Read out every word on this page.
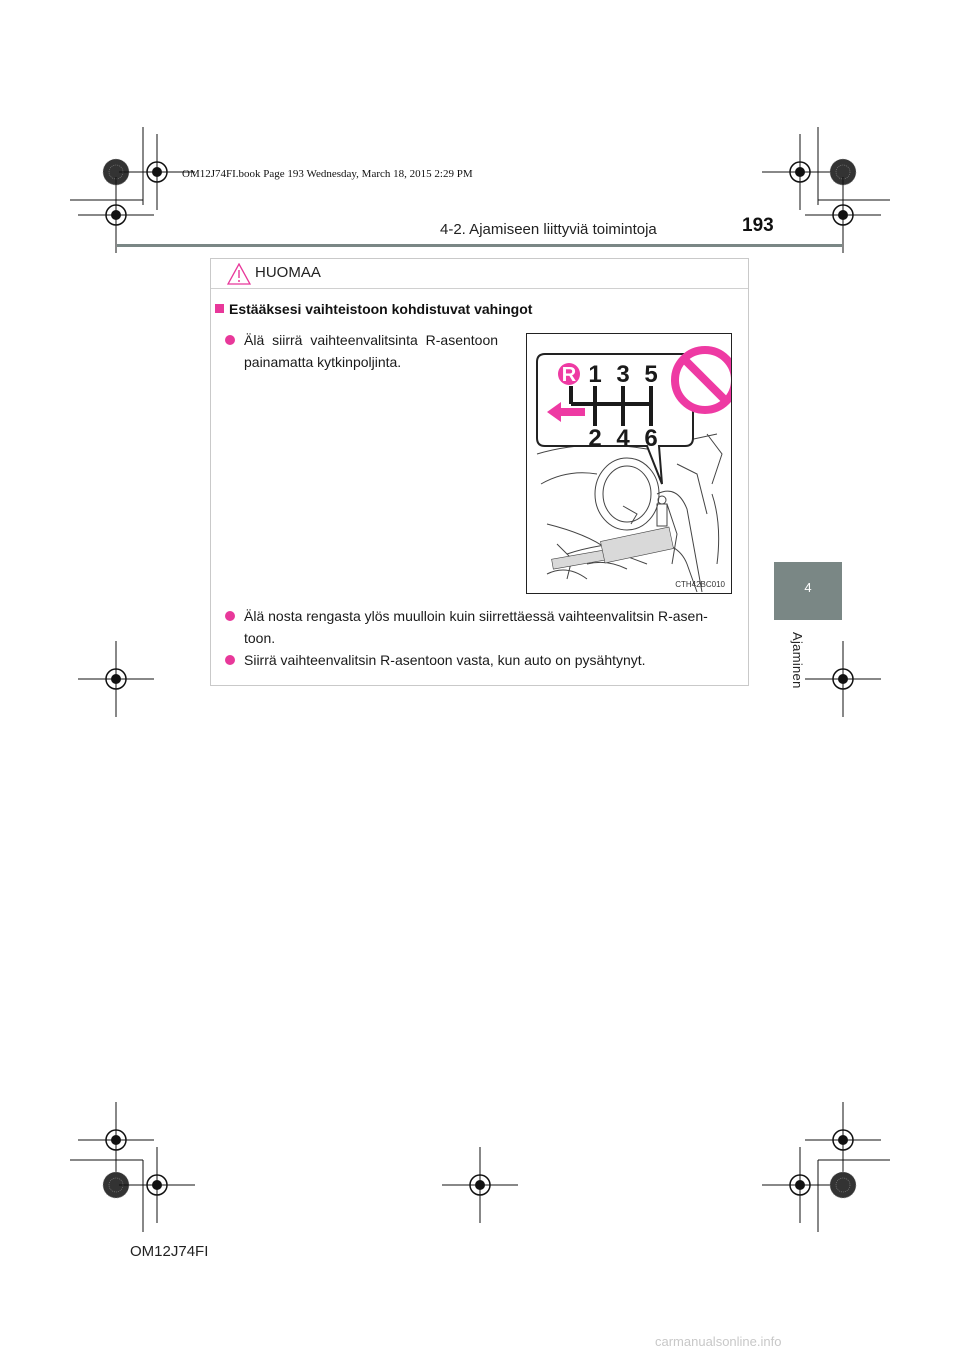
OM12J74FI.book Page 193 Wednesday, March 18, 2015 2:29 PM
4-2. Ajamiseen liittyviä toimintoja	193
4
Ajaminen
HUOMAA
Estääksesi vaihteistoon kohdistuvat vahingot
Älä siirrä vaihteenvalitsinta R-asentoon
painamatta kytkinpoljinta.
R 1 3 5
2 4 6
CTH42BC010
Älä nosta rengasta ylös muulloin kuin siirrettäessä vaihteenvalitsin R-asen-
toon.
Siirrä vaihteenvalitsin R-asentoon vasta, kun auto on pysähtynyt.
OM12J74FI
carmanualsonline.info
